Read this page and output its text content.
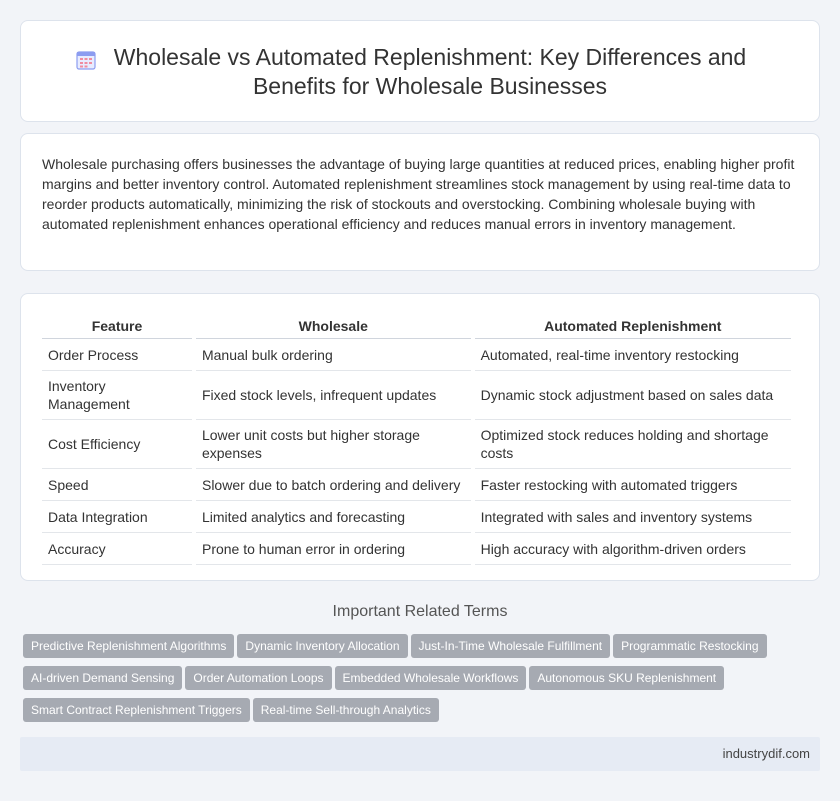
Wholesale vs Automated Replenishment: Key Differences and Benefits for Wholesale Businesses
Wholesale purchasing offers businesses the advantage of buying large quantities at reduced prices, enabling higher profit margins and better inventory control. Automated replenishment streamlines stock management by using real-time data to reorder products automatically, minimizing the risk of stockouts and overstocking. Combining wholesale buying with automated replenishment enhances operational efficiency and reduces manual errors in inventory management.
Feature	Wholesale	Automated Replenishment
Order Process	Manual bulk ordering	Automated, real-time inventory restocking
Inventory Management	Fixed stock levels, infrequent updates	Dynamic stock adjustment based on sales data
Cost Efficiency	Lower unit costs but higher storage expenses	Optimized stock reduces holding and shortage costs
Speed	Slower due to batch ordering and delivery	Faster restocking with automated triggers
Data Integration	Limited analytics and forecasting	Integrated with sales and inventory systems
Accuracy	Prone to human error in ordering	High accuracy with algorithm-driven orders
Important Related Terms
Predictive Replenishment Algorithms Dynamic Inventory Allocation Just-In-Time Wholesale Fulfillment Programmatic Restocking
AI-driven Demand Sensing Order Automation Loops Embedded Wholesale Workflows Autonomous SKU Replenishment
Smart Contract Replenishment Triggers Real-time Sell-through Analytics
industrydif.com
